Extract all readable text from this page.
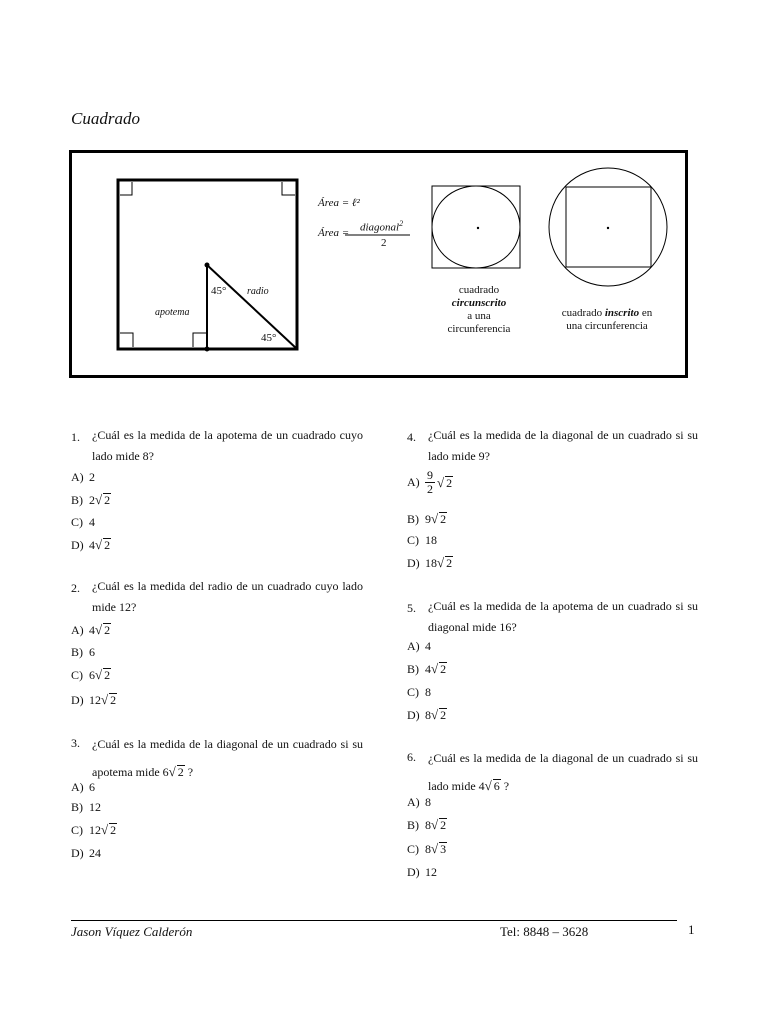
Cuadrado
Área = ℓ²
Área = diagonal$^2$
2
45°
45°
radio
apotema
cuadrado
circunscrito
a una
circunferencia
cuadrado inscrito en
una circunferencia
1. ¿Cuál es la medida de la apotema de un cuadrado cuyo lado mide 8?
A) 2
B) 2√ 2
C) 4
D) 4√ 2
2. ¿Cuál es la medida del radio de un cuadrado cuyo lado mide 12?
A) 4√ 2
B) 6
C) 6√ 2
D) 12√ 2
3. ¿Cuál es la medida de la diagonal de un cuadrado si su apotema mide 6√ 2 ?
A) 6
B) 12
C) 12√ 2
D) 24
4. ¿Cuál es la medida de la diagonal de un cuadrado si su lado mide 9?
$A) \frac{9}{2}$ √ 2
B) 9√ 2
C) 18
D) 18√ 2
5. ¿Cuál es la medida de la apotema de un cuadrado si su diagonal mide 16?
A) 4
B) 4√ 2
C) 8
D) 8√ 2
6. ¿Cuál es la medida de la diagonal de un cuadrado si su lado mide 4√ 6 ?
A) 8
B) 8√ 2
C) 8√ 3
D) 12
Jason Víquez Calderón	Tel: 8848 – 3628	1
